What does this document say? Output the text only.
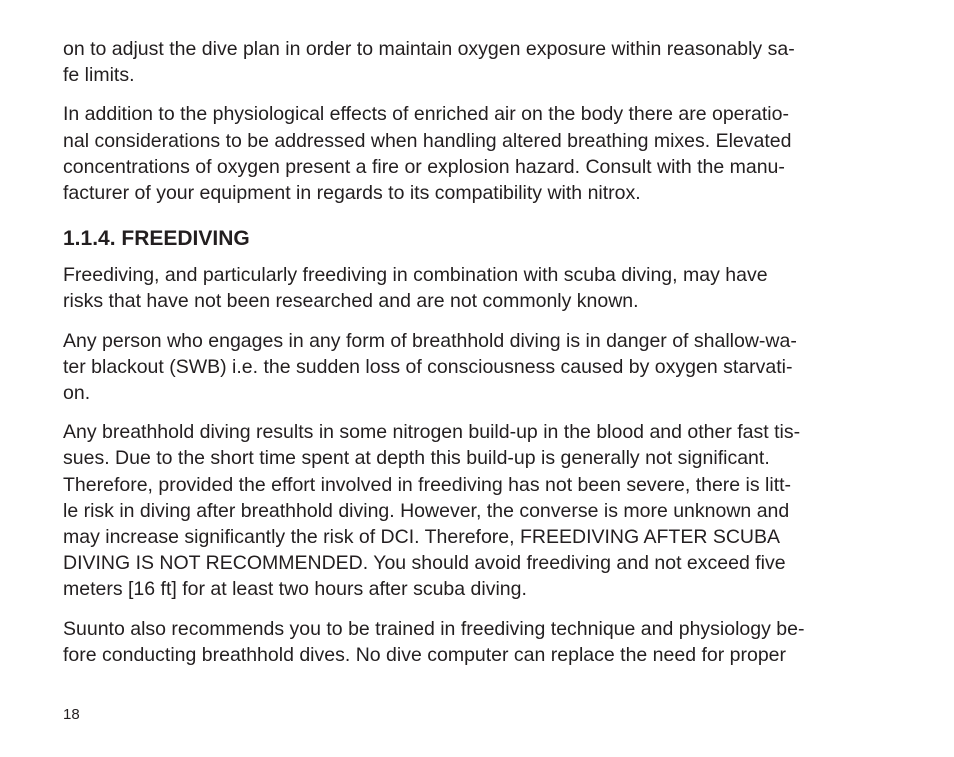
on to adjust the dive plan in order to maintain oxygen exposure within reasonably sa-
fe limits.

In addition to the physiological effects of enriched air on the body there are operatio-
nal considerations to be addressed when handling altered breathing mixes. Elevated
concentrations of oxygen present a fire or explosion hazard. Consult with the manu-
facturer of your equipment in regards to its compatibility with nitrox.

1.1.4. FREEDIVING

Freediving, and particularly freediving in combination with scuba diving, may have
risks that have not been researched and are not commonly known.

Any person who engages in any form of breathhold diving is in danger of shallow-wa-
ter blackout (SWB) i.e. the sudden loss of consciousness caused by oxygen starvati-
on.

Any breathhold diving results in some nitrogen build-up in the blood and other fast tis-
sues. Due to the short time spent at depth this build-up is generally not significant.
Therefore, provided the effort involved in freediving has not been severe, there is litt-
le risk in diving after breathhold diving. However, the converse is more unknown and
may increase significantly the risk of DCI. Therefore, FREEDIVING AFTER SCUBA
DIVING IS NOT RECOMMENDED. You should avoid freediving and not exceed five
meters [16 ft] for at least two hours after scuba diving.

Suunto also recommends you to be trained in freediving technique and physiology be-
fore conducting breathhold dives. No dive computer can replace the need for proper

18
